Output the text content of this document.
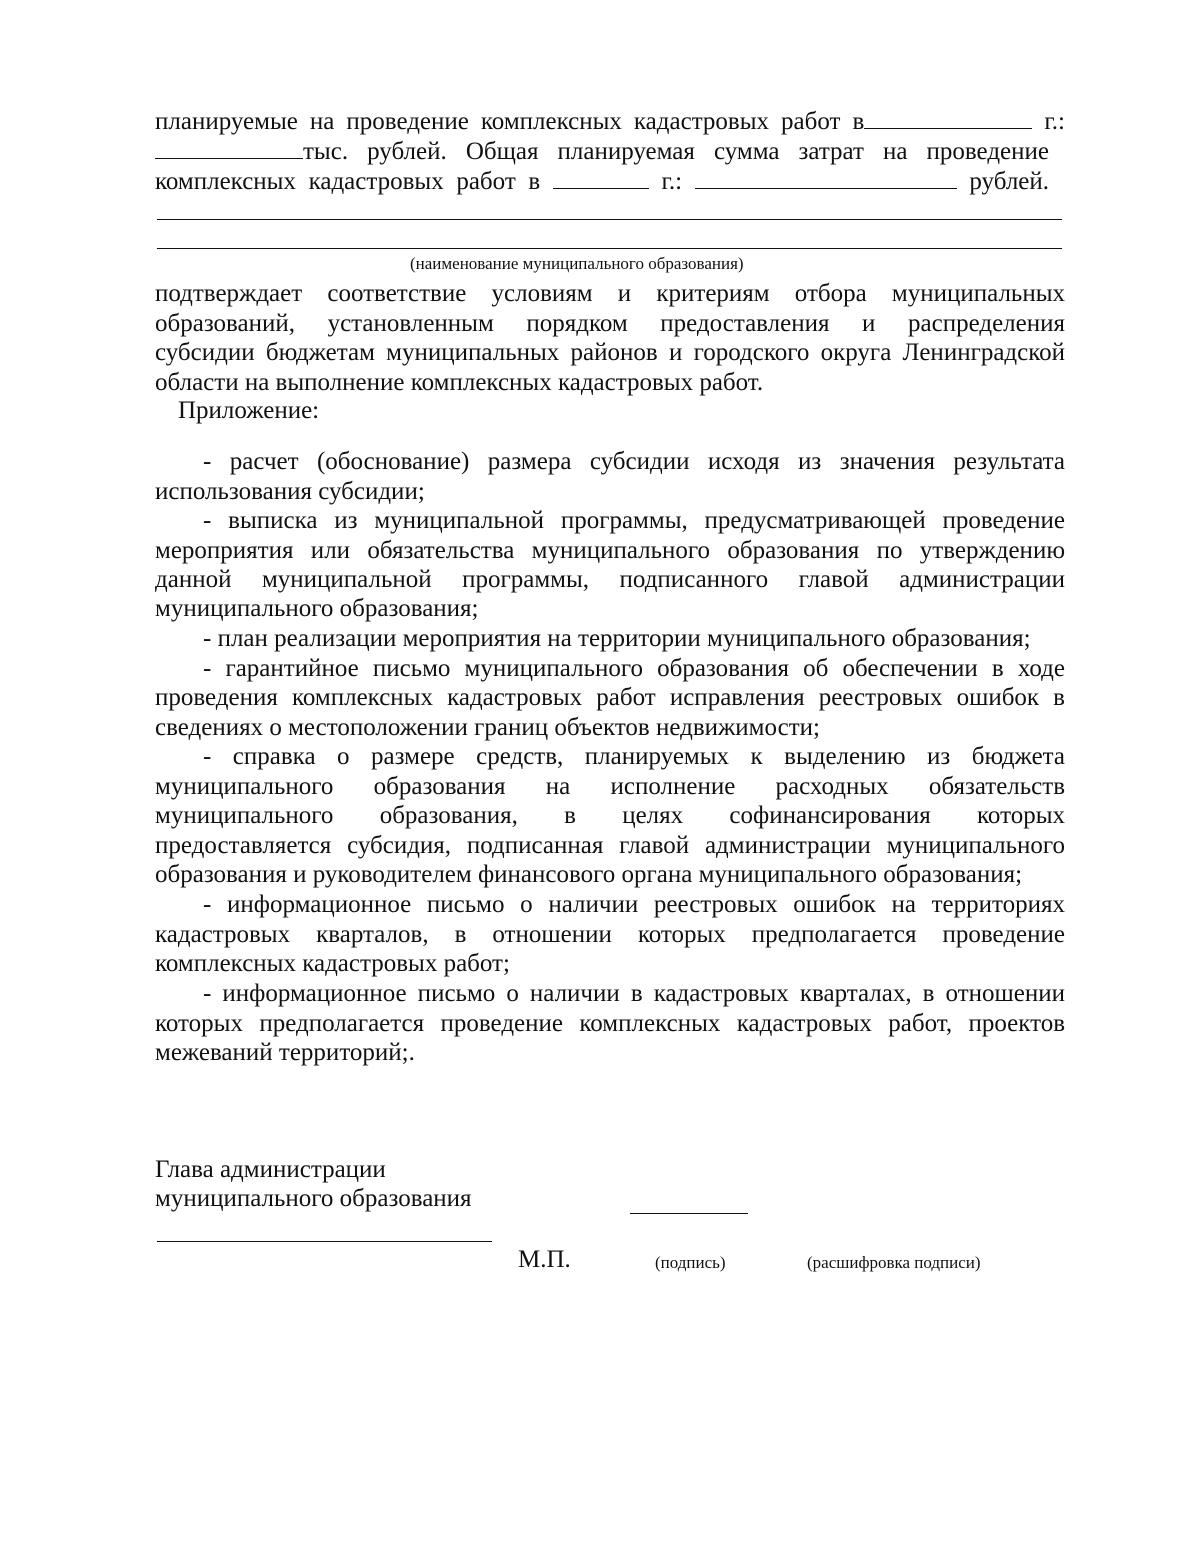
планируемые на проведение комплексных кадастровых работ в	г.:
тыс. рублей. Общая планируемая сумма затрат на проведение
комплексных кадастровых работ в	г.:	рублей.
(наименование муниципального образования)
подтверждает соответствие условиям и критериям отбора муниципальных
образований, установленным порядком предоставления и распределения
субсидии бюджетам муниципальных районов и городского округа Ленинградской
области на выполнение комплексных кадастровых работ.
Приложение:
- расчет (обоснование) размера субсидии исходя из значения результата
использования субсидии;
- выписка из муниципальной программы, предусматривающей проведение
мероприятия или обязательства муниципального образования по утверждению
данной муниципальной программы, подписанного главой администрации
муниципального образования;
- план реализации мероприятия на территории муниципального образования;
- гарантийное письмо муниципального образования об обеспечении в ходе
проведения комплексных кадастровых работ исправления реестровых ошибок в
сведениях о местоположении границ объектов недвижимости;
- справка о размере средств, планируемых к выделению из бюджета
муниципального образования на исполнение расходных обязательств
муниципального образования, в целях софинансирования которых
предоставляется субсидия, подписанная главой администрации муниципального
образования и руководителем финансового органа муниципального образования;
- информационное письмо о наличии реестровых ошибок на территориях
кадастровых кварталов, в отношении которых предполагается проведение
комплексных кадастровых работ;
- информационное письмо о наличии в кадастровых кварталах, в отношении
которых предполагается проведение комплексных кадастровых работ, проектов
межеваний территорий;.
Глава администрации
муниципального образования
М.П.	(подпись)	(расшифровка подписи)
